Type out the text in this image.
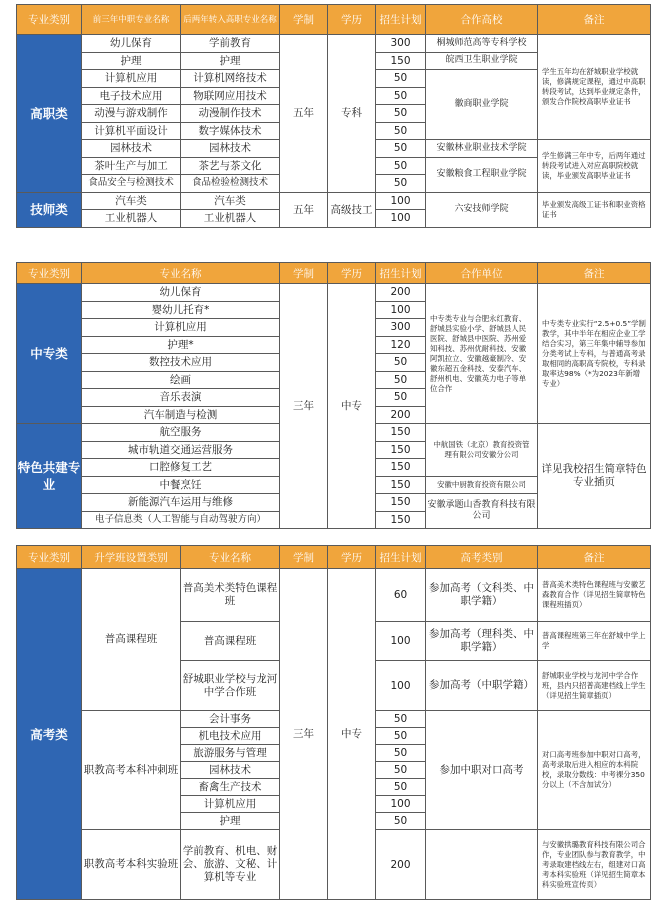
专业类别	前三年中职专业名称	后两年转入高职专业名称	学制	学历	招生计划	合作高校	备注
高职类	幼儿保育	学前教育	五年	专科	300	桐城师范高等专科学校	学生五年均在舒城职业学校就读，修满规定课程，通过中高职转段考试，达到毕业规定条件，颁发合作院校高职毕业证书
	护理	护理			150	皖西卫生职业学院	
	计算机应用	计算机网络技术			50	徽商职业学院	
	电子技术应用	物联网应用技术			50		
	动漫与游戏制作	动漫制作技术			50		
	计算机平面设计	数字媒体技术			50		
	园林技术	园林技术			50	安徽林业职业技术学院	学生修满三年中专，后两年通过转段考试进入对应高职院校就读，毕业颁发高职毕业证书
	茶叶生产与加工	茶艺与茶文化			50	安徽粮食工程职业学院	
	食品安全与检测技术	食品检验检测技术			50		
技师类	汽车类	汽车类	五年	高级技工	100	六安技师学院	毕业颁发高级工证书和职业资格证书
	工业机器人	工业机器人			100		
专业类别	专业名称	学制	学历	招生计划	合作单位	备注
中专类	幼儿保育	三年	中专	200	中专类专业与合肥永红教育、舒城县实验小学、舒城县人民医院、舒城县中医院、苏州爱知科技、苏州优耐科技、安徽阿凯拉立、安徽越豪制冷、安徽东超五金科技、安泰汽车、舒州机电、安徽英力电子等单位合作	中专类专业实行“2.5+0.5”学制教学，其中半年在相应企业工学结合实习，第三年集中辅导参加分类考试上专科，与普通高考录取相同的高职高专院校，专科录取率达98%（*为2023年新增专业）
	婴幼儿托育*			100		
	计算机应用			300		
	护理*			120		
	数控技术应用			50		
	绘画			50		
	音乐表演			50		
	汽车制造与检测			200		
特色共建专业	航空服务			150	中航国铁（北京）教育投资管理有限公司安徽分公司	详见我校招生简章特色专业插页
	城市轨道交通运营服务			150		
	口腔修复工艺			150		
	中餐烹饪			150	安徽中厨教育投资有限公司	
	新能源汽车运用与维修			150	安徽承题山香教育科技有限公司	
	电子信息类（人工智能与自动驾驶方向）			150		
专业类别	升学班设置类别	专业名称	学制	学历	招生计划	高考类别	备注
高考类	普高课程班	普高美术类特色课程班	三年	中专	60	参加高考（文科类、中职学籍）	普高美术类特色课程班与安徽艺森教育合作（详见招生简章特色课程班插页）
		普高课程班			100	参加高考（理科类、中职学籍）	普高课程班第三年在舒城中学上学
		舒城职业学校与龙河中学合作班			100	参加高考（中职学籍）	舒城职业学校与龙河中学合作班，县内只招普高建档线上学生（详见招生简章插页）
	职教高考本科冲刺班	会计事务			50	参加中职对口高考	对口高考班参加中职对口高考，高考录取后进入相应的本科院校，录取分数线：中考裸分350分以上（不含加试分）
		机电技术应用			50		
		旅游服务与管理			50		
		园林技术			50		
		畜禽生产技术			50		
		计算机应用			100		
		护理			50		
	职教高考本科实验班	学前教育、机电、财会、旅游、文秘、计算机等专业			200		与安徽拱璐教育科技有限公司合作，专业团队参与教育教学，中考录取建档线左右，组建对口高考本科实验班（详见招生简章本科实验班宣传页）
